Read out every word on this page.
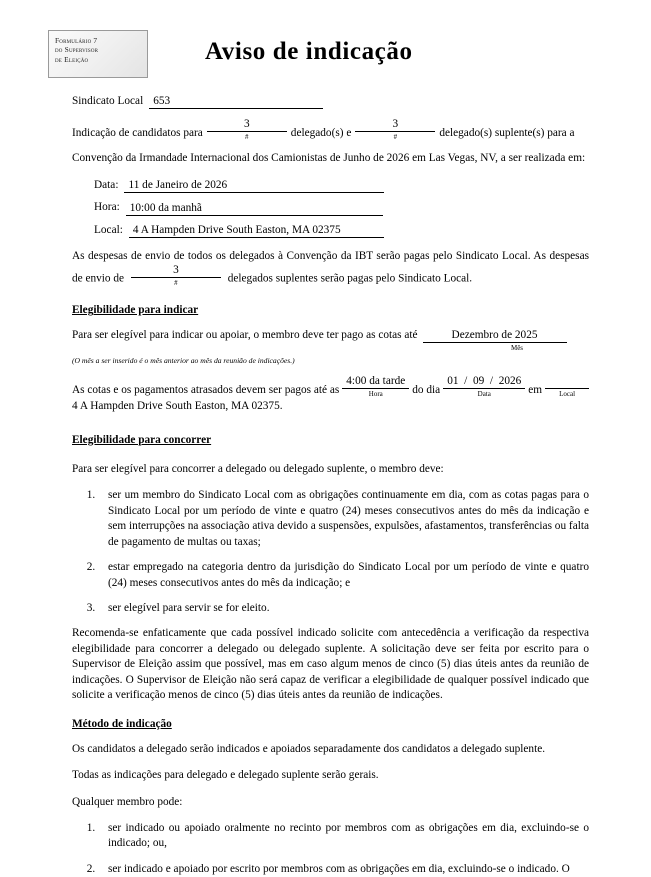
Formulário 7
do Supervisor
de Eleição	Aviso de indicação
Sindicato Local 653
Indicação de candidatos para
3
#	delegado(s) e
3
#	delegado(s) suplente(s) para a

Convenção da Irmandade Internacional dos Camionistas de Junho de 2026 em Las Vegas, NV, a ser realizada em:

Data: 11 de Janeiro de 2026
Hora: 10:00 da manhã
Local: 4 A Hampden Drive South Easton, MA 02375
As despesas de envio de todos os delegados à Convenção da IBT serão pagas pelo Sindicato Local. As despesas de envio de
3
#	delegados suplentes serão pagas pelo Sindicato Local.
Elegibilidade para indicar
Para ser elegível para indicar ou apoiar, o membro deve ter pago as cotas até	Dezembro de 2025
Mês
(O mês a ser inserido é o mês anterior ao mês da reunião de indicações.)
As cotas e os pagamentos atrasados devem ser pagos até as
4:00 da tarde
Hora	do dia
01  /  09  /  2026
Data	em
	Local

4 A Hampden Drive South Easton, MA 02375.

Elegibilidade para concorrer

Para ser elegível para concorrer a delegado ou delegado suplente, o membro deve:

1. ser um membro do Sindicato Local com as obrigações continuamente em dia, com as cotas pagas para o Sindicato Local por um período de vinte e quatro (24) meses consecutivos antes do mês da indicação e sem interrupções na associação ativa devido a suspensões, expulsões, afastamentos, transferências ou falta de pagamento de multas ou taxas;
2. estar empregado na categoria dentro da jurisdição do Sindicato Local por um período de vinte e quatro (24) meses consecutivos antes do mês da indicação; e
3. ser elegível para servir se for eleito.

Recomenda-se enfaticamente que cada possível indicado solicite com antecedência a verificação da respectiva elegibilidade para concorrer a delegado ou delegado suplente. A solicitação deve ser feita por escrito para o Supervisor de Eleição assim que possível, mas em caso algum menos de cinco (5) dias úteis antes da reunião de indicações. O Supervisor de Eleição não será capaz de verificar a elegibilidade de qualquer possível indicado que solicite a verificação menos de cinco (5) dias úteis antes da reunião de indicações.

Método de indicação

Os candidatos a delegado serão indicados e apoiados separadamente dos candidatos a delegado suplente.

Todas as indicações para delegado e delegado suplente serão gerais.

Qualquer membro pode:

1. ser indicado ou apoiado oralmente no recinto por membros com as obrigações em dia, excluindo-se o indicado; ou,
2. ser indicado e apoiado por escrito por membros com as obrigações em dia, excluindo-se o indicado. O
